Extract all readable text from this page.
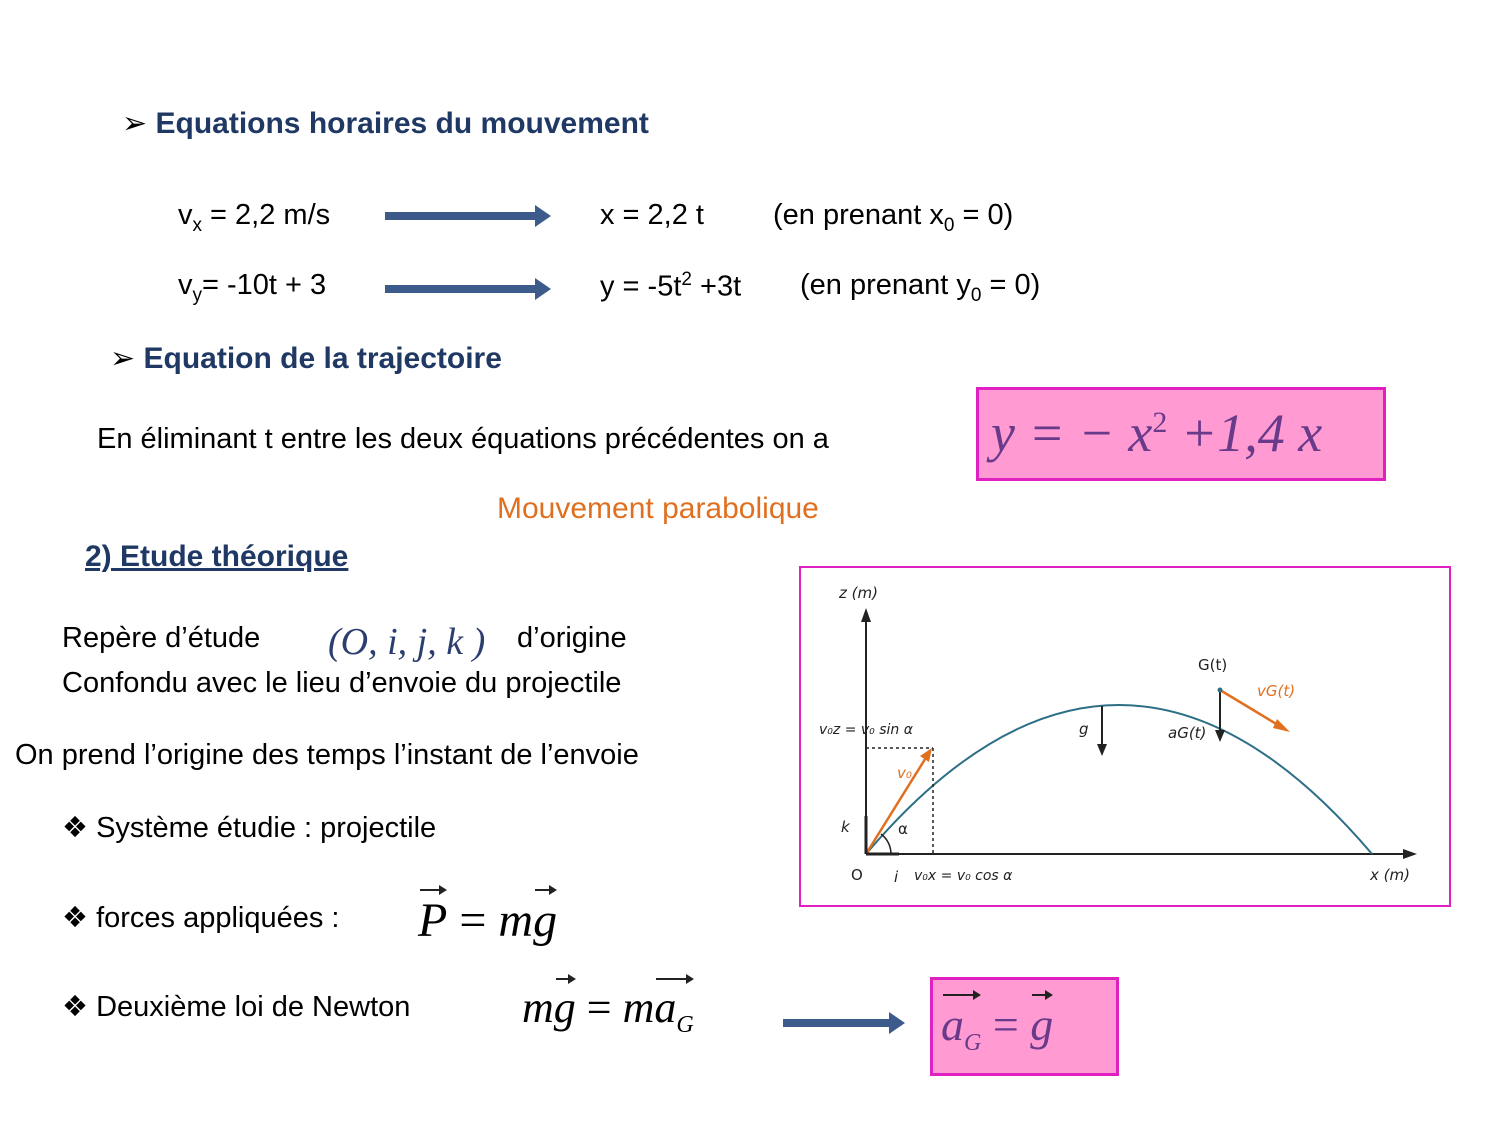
➢ Equations horaires du mouvement
$v_x = 2,2$ m/s	x = 2,2 t (en prenant $x_0 = 0$)
$v_y= -10t + 3$	$y = -5t^2 +3t$ (en prenant $y_0 = 0$)
➢ Equation de la trajectoire
En éliminant t entre les deux équations précédentes on a	y = − $x^2 +1,4$ x
Mouvement parabolique
2) Etude théorique
Repère d’étude (O, i, j, k ) d’origine
Confondu avec le lieu d’envoie du projectile
On prend l’origine des temps l’instant de l’envoie
❖ Système étudie : projectile
❖ forces appliquées : P = mg
❖ Deuxième loi de Newton	mg = $ma_G$	$a_G = g$
z (m)
x (m)
O
v₀z = v₀ sin α
v₀x = v₀ cos α
v₀
α
k
i
g	aG(t)
G(t)
vG(t)
